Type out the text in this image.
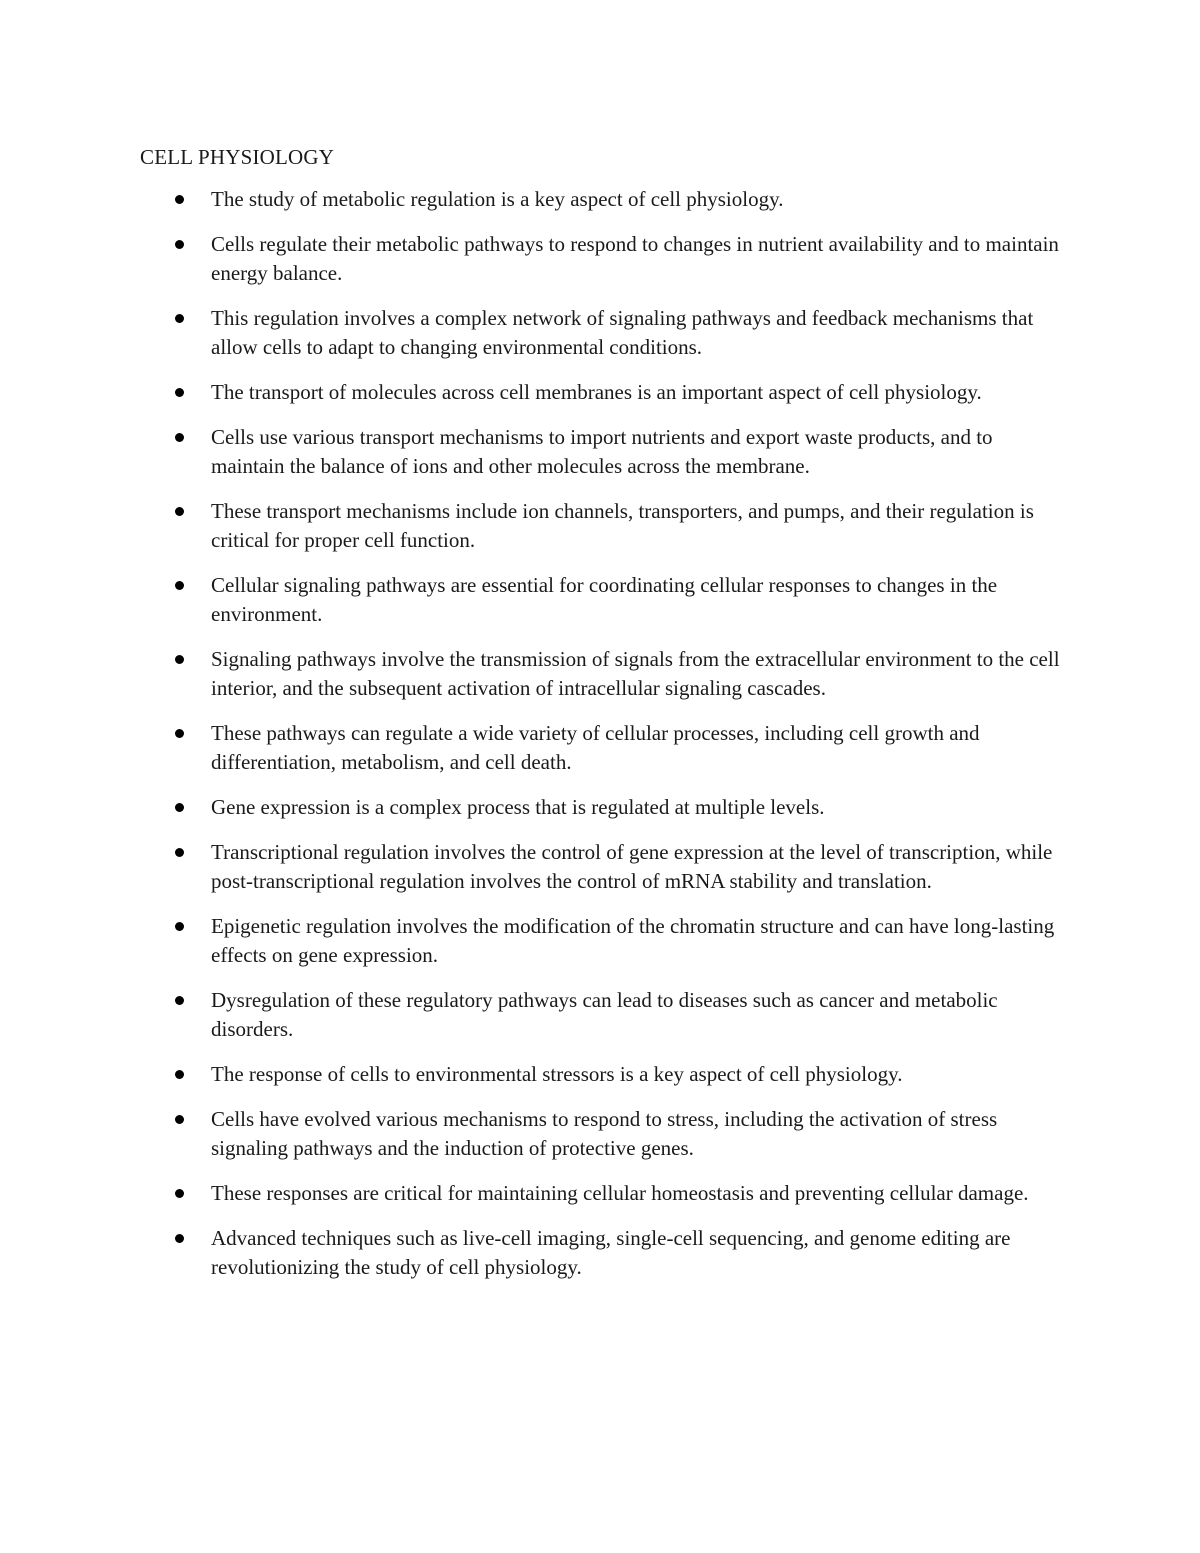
CELL PHYSIOLOGY
The study of metabolic regulation is a key aspect of cell physiology.
Cells regulate their metabolic pathways to respond to changes in nutrient availability and to maintain energy balance.
This regulation involves a complex network of signaling pathways and feedback mechanisms that allow cells to adapt to changing environmental conditions.
The transport of molecules across cell membranes is an important aspect of cell physiology.
Cells use various transport mechanisms to import nutrients and export waste products, and to maintain the balance of ions and other molecules across the membrane.
These transport mechanisms include ion channels, transporters, and pumps, and their regulation is critical for proper cell function.
Cellular signaling pathways are essential for coordinating cellular responses to changes in the environment.
Signaling pathways involve the transmission of signals from the extracellular environment to the cell interior, and the subsequent activation of intracellular signaling cascades.
These pathways can regulate a wide variety of cellular processes, including cell growth and differentiation, metabolism, and cell death.
Gene expression is a complex process that is regulated at multiple levels.
Transcriptional regulation involves the control of gene expression at the level of transcription, while post-transcriptional regulation involves the control of mRNA stability and translation.
Epigenetic regulation involves the modification of the chromatin structure and can have long-lasting effects on gene expression.
Dysregulation of these regulatory pathways can lead to diseases such as cancer and metabolic disorders.
The response of cells to environmental stressors is a key aspect of cell physiology.
Cells have evolved various mechanisms to respond to stress, including the activation of stress signaling pathways and the induction of protective genes.
These responses are critical for maintaining cellular homeostasis and preventing cellular damage.
Advanced techniques such as live-cell imaging, single-cell sequencing, and genome editing are revolutionizing the study of cell physiology.
